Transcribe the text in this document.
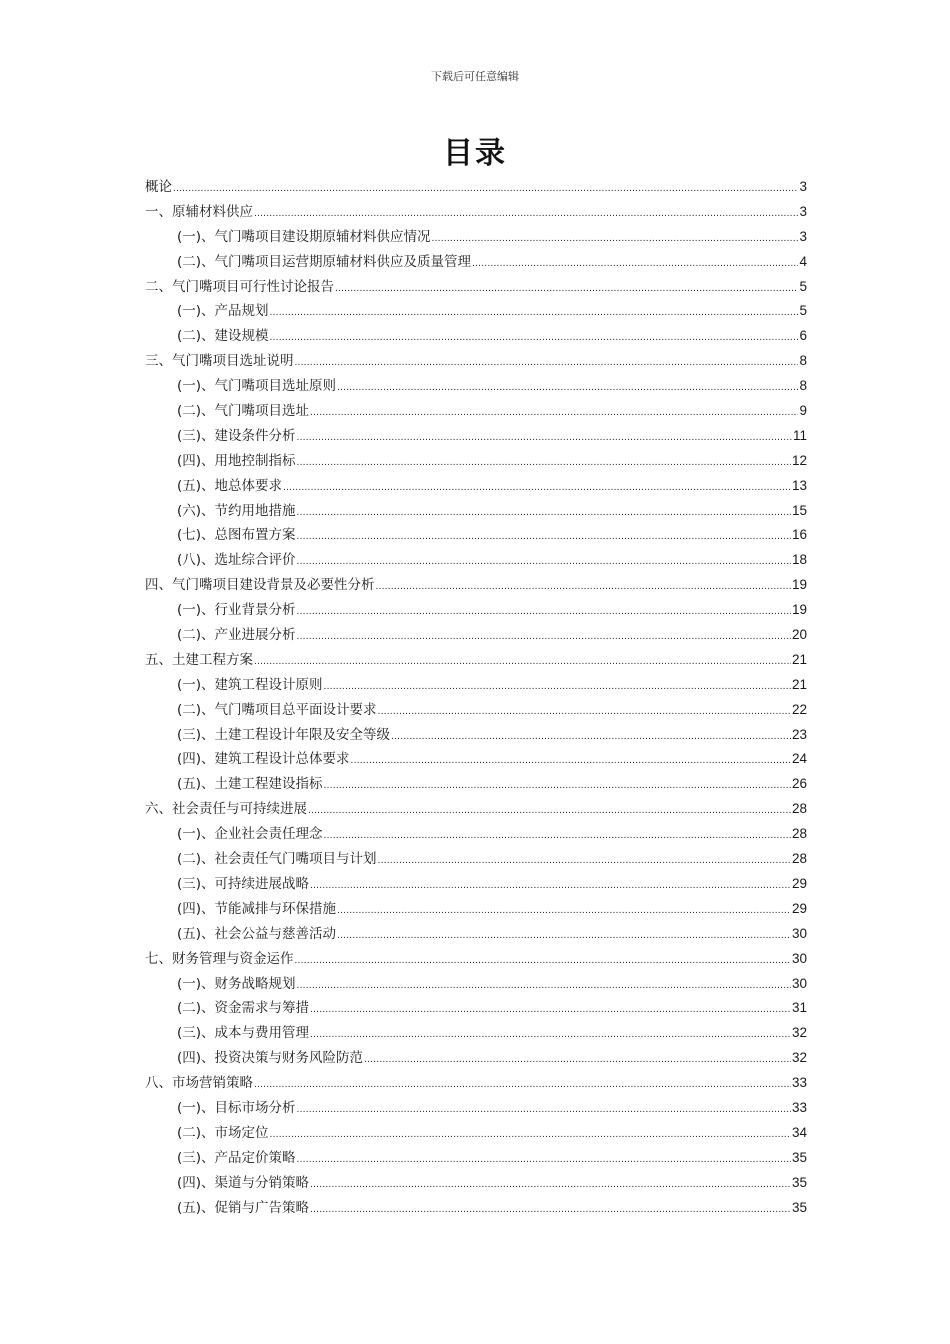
下载后可任意编辑
目录
概论 .....	3
一、原辅材料供应 .....	3
(一)、气门嘴项目建设期原辅材料供应情况 .....	3
(二)、气门嘴项目运营期原辅材料供应及质量管理 .....	4
二、气门嘴项目可行性讨论报告 .....	5
(一)、产品规划 .....	5
(二)、建设规模 .....	6
三、气门嘴项目选址说明 .....	8
(一)、气门嘴项目选址原则 .....	8
(二)、气门嘴项目选址 .....	9
(三)、建设条件分析 .....	11
(四)、用地控制指标 .....	12
(五)、地总体要求 .....	13
(六)、节约用地措施 .....	15
(七)、总图布置方案 .....	16
(八)、选址综合评价 .....	18
四、气门嘴项目建设背景及必要性分析 .....	19
(一)、行业背景分析 .....	19
(二)、产业进展分析 .....	20
五、土建工程方案 .....	21
(一)、建筑工程设计原则 .....	21
(二)、气门嘴项目总平面设计要求 .....	22
(三)、土建工程设计年限及安全等级 .....	23
(四)、建筑工程设计总体要求 .....	24
(五)、土建工程建设指标 .....	26
六、社会责任与可持续进展 .....	28
(一)、企业社会责任理念 .....	28
(二)、社会责任气门嘴项目与计划 .....	28
(三)、可持续进展战略 .....	29
(四)、节能减排与环保措施 .....	29
(五)、社会公益与慈善活动 .....	30
七、财务管理与资金运作 .....	30
(一)、财务战略规划 .....	30
(二)、资金需求与筹措 .....	31
(三)、成本与费用管理 .....	32
(四)、投资决策与财务风险防范 .....	32
八、市场营销策略 .....	33
(一)、目标市场分析 .....	33
(二)、市场定位 .....	34
(三)、产品定价策略 .....	35
(四)、渠道与分销策略 .....	35
(五)、促销与广告策略 .....	35
